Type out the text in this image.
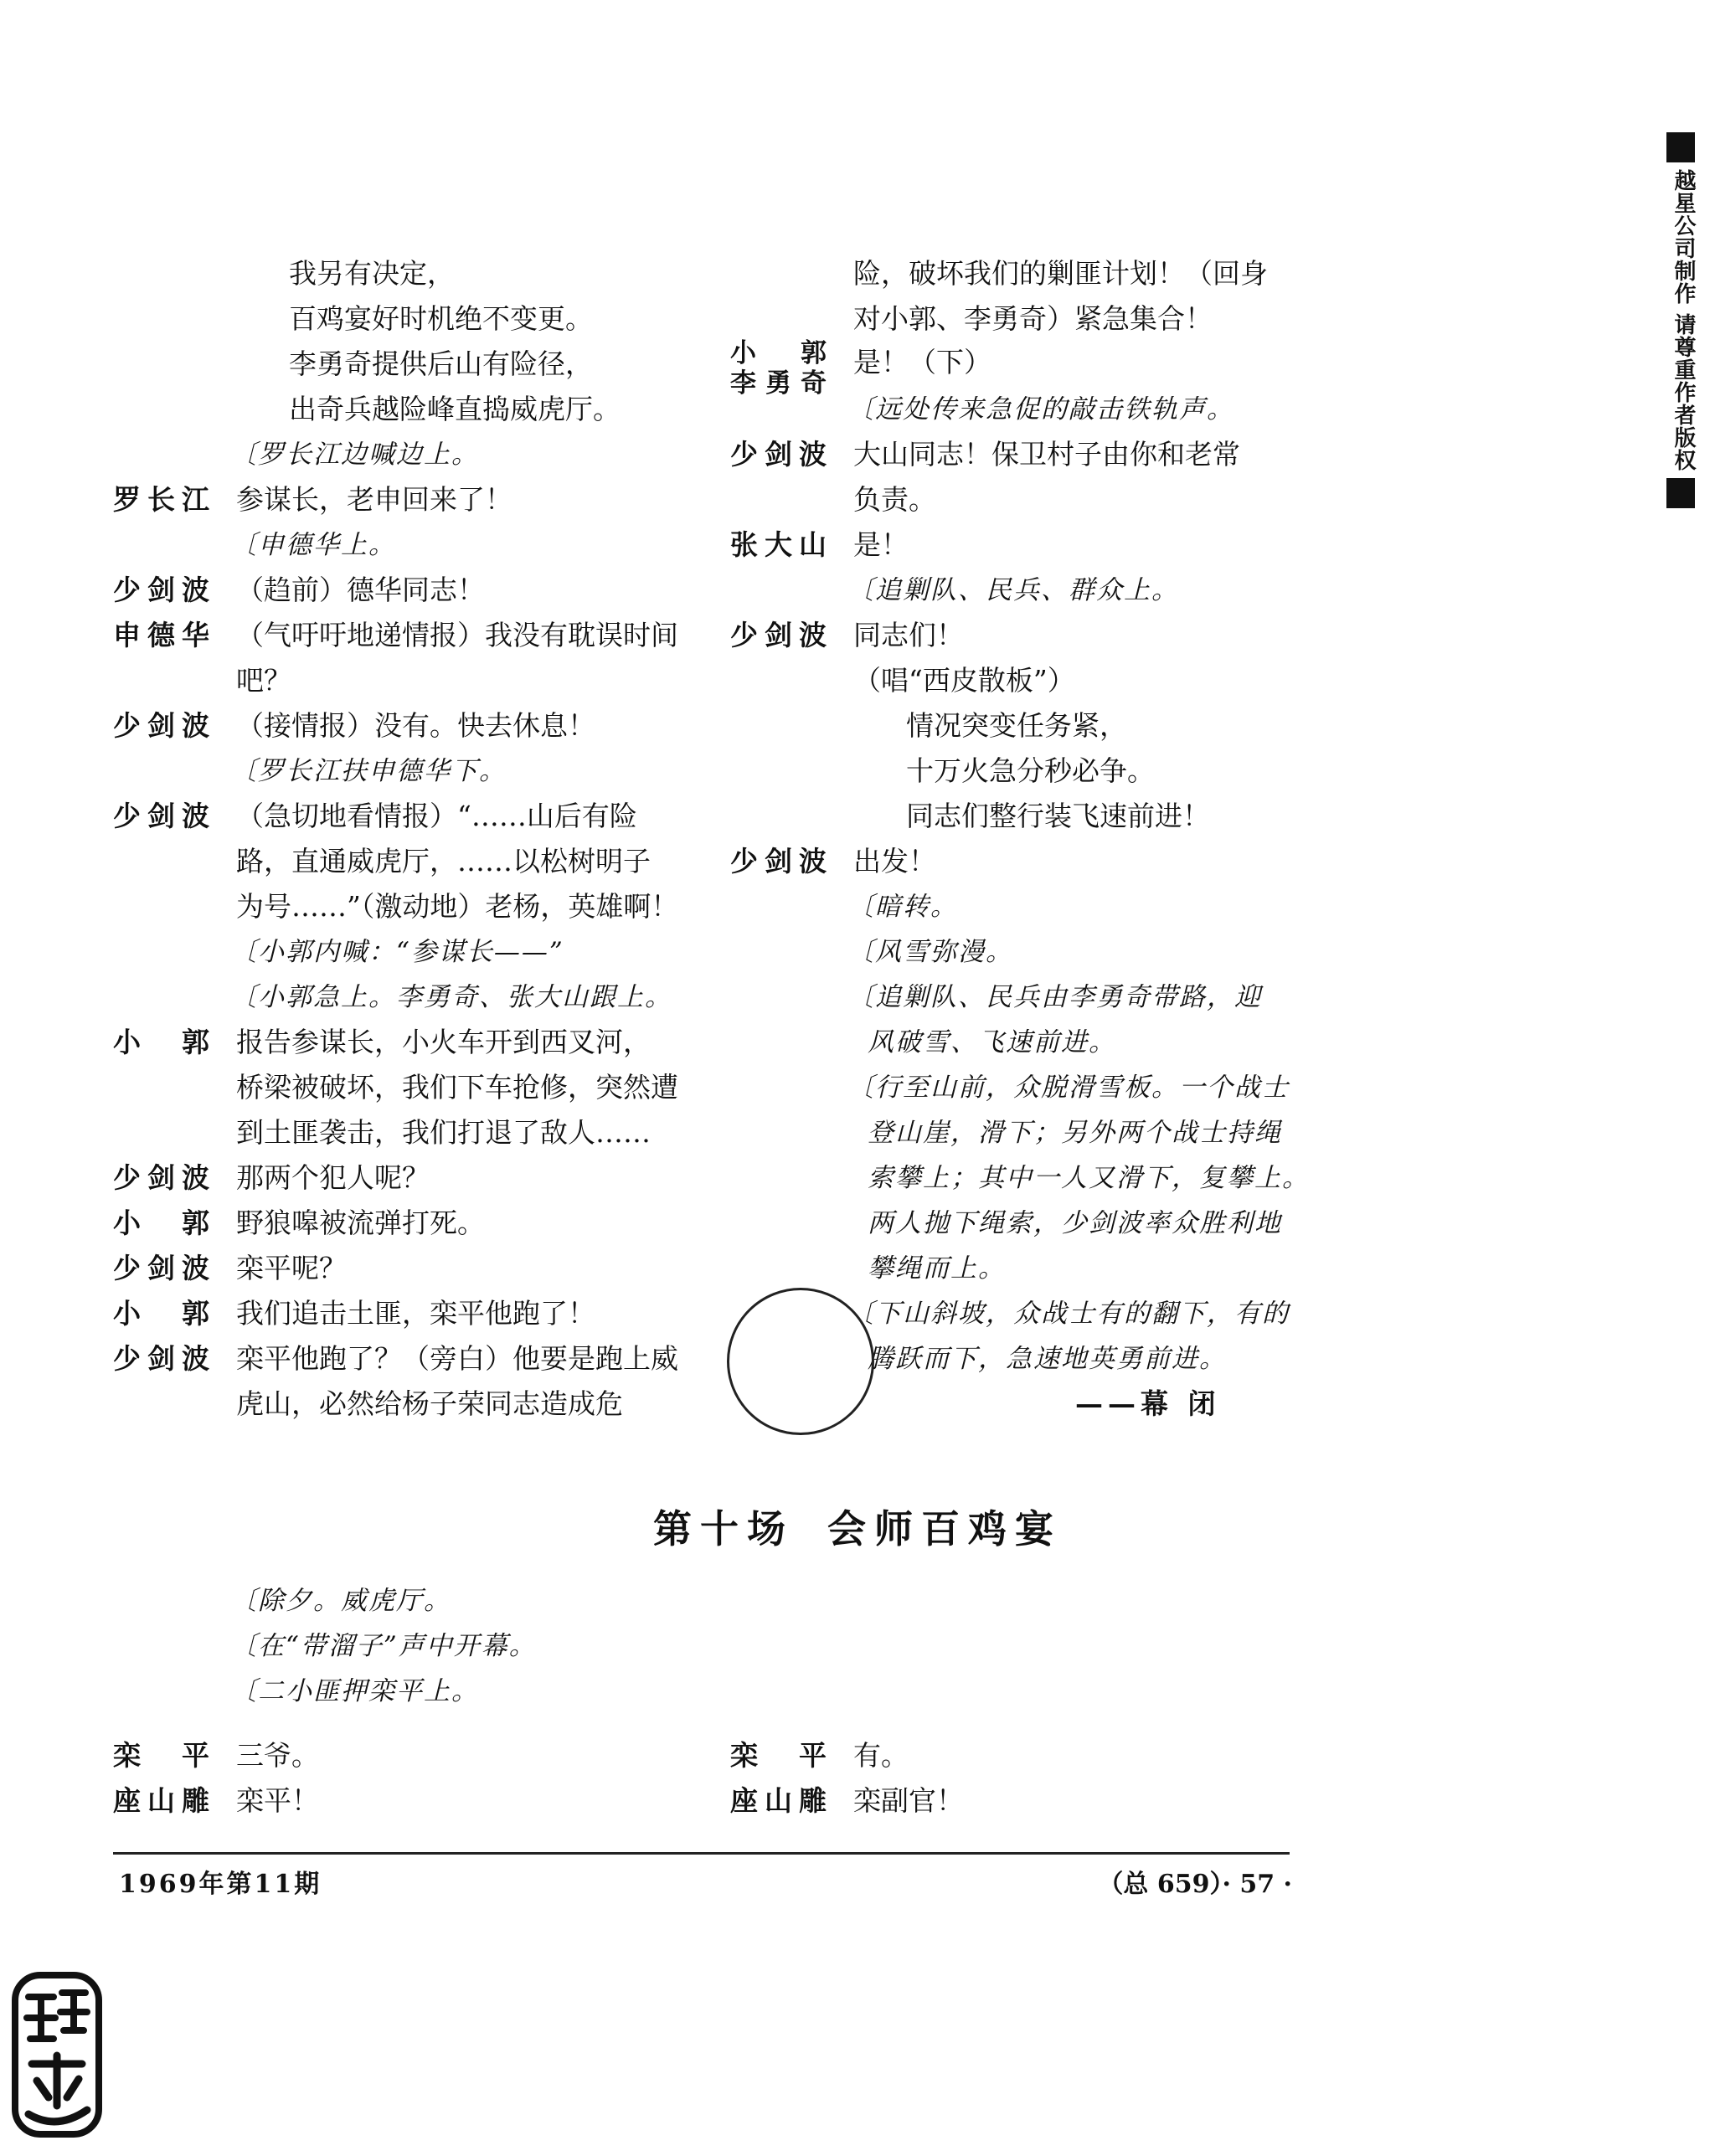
我另有决定，
百鸡宴好时机绝不变更。
李勇奇提供后山有险径，
出奇兵越险峰直捣威虎厅。
〔罗长江边喊边上。
罗长江 参谋长，老申回来了！
〔申德华上。
少剑波 （趋前）德华同志！
申德华 （气吁吁地递情报）我没有耽误时间
吧？
少剑波 （接情报）没有。快去休息！
〔罗长江扶申德华下。
少剑波 （急切地看情报）“……山后有险
路，直通威虎厅，……以松树明子
为号……”（激动地）老杨，英雄啊！
〔小郭内喊：“参谋长——”
〔小郭急上。李勇奇、张大山跟上。
小郭 报告参谋长，小火车开到西叉河，
桥梁被破坏，我们下车抢修，突然遭
到土匪袭击，我们打退了敌人……
少剑波 那两个犯人呢？
小郭 野狼嗥被流弹打死。
少剑波 栾平呢？
小郭 我们追击土匪，栾平他跑了！
少剑波 栾平他跑了？（旁白）他要是跑上威
虎山，必然给杨子荣同志造成危
险，破坏我们的剿匪计划！（回身
对小郭、李勇奇）紧急集合！
小郭
李勇奇
是！（下）
〔远处传来急促的敲击铁轨声。
少剑波 大山同志！保卫村子由你和老常
负责。
张大山 是！
〔追剿队、民兵、群众上。
少剑波 同志们！
（唱“西皮散板”）
情况突变任务紧，
十万火急分秒必争。
同志们整行装飞速前进！
少剑波 出发！
〔暗转。
〔风雪弥漫。
〔追剿队、民兵由李勇奇带路，迎
风破雪、飞速前进。
〔行至山前，众脱滑雪板。一个战士
登山崖，滑下；另外两个战士持绳
索攀上；其中一人又滑下，复攀上。
两人抛下绳索，少剑波率众胜利地
攀绳而上。
〔下山斜坡，众战士有的翻下，有的
腾跃而下，急速地英勇前进。
——幕 闭
第十场 会师百鸡宴
〔除夕。威虎厅。
〔在“带溜子”声中开幕。
〔二小匪押栾平上。
栾平 三爷。
座山雕 栾平！
栾平 有。
座山雕 栾副官！
1969年第11期	（总 659）· 57 ·
越星公司制作 请尊重作者版权
